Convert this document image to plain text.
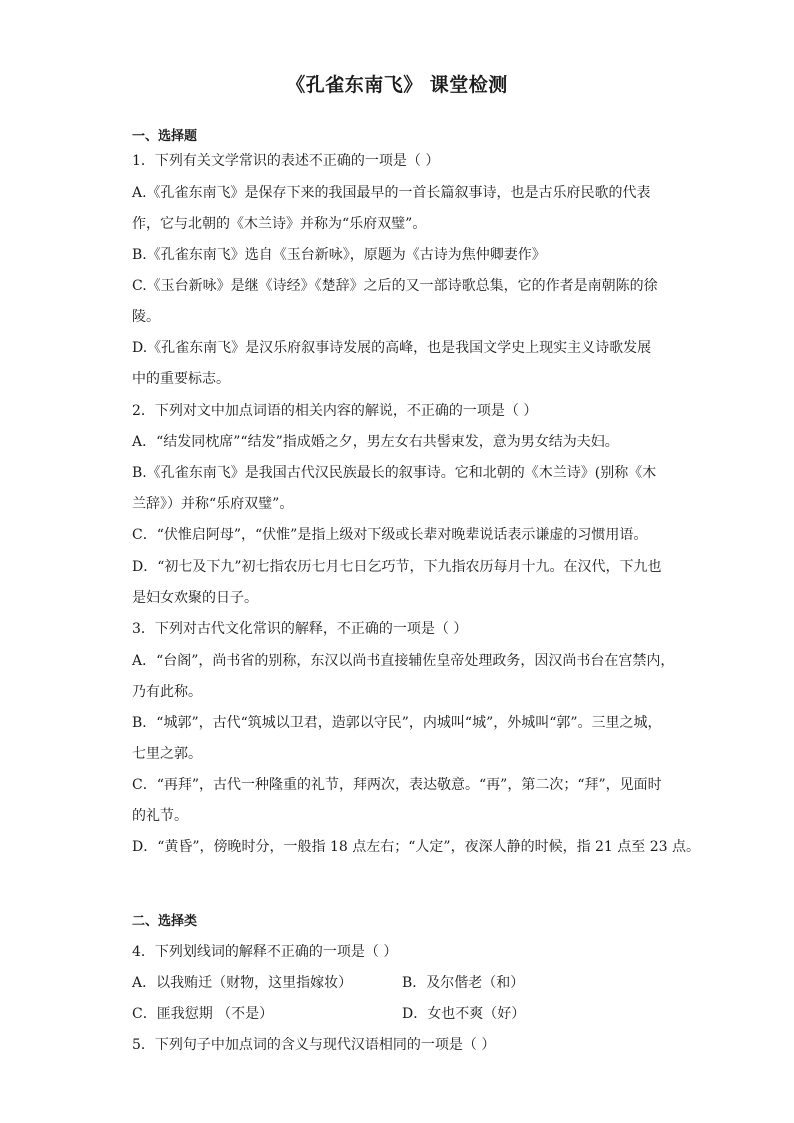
《孔雀东南飞》 课堂检测
一、选择题
1．下列有关文学常识的表述不正确的一项是（ ）
A.《孔雀东南飞》是保存下来的我国最早的一首长篇叙事诗，也是古乐府民歌的代表
作，它与北朝的《木兰诗》并称为“乐府双璧”。
B.《孔雀东南飞》选自《玉台新咏》，原题为《古诗为焦仲卿妻作》
C.《玉台新咏》是继《诗经》《楚辞》之后的又一部诗歌总集，它的作者是南朝陈的徐
陵。
D.《孔雀东南飞》是汉乐府叙事诗发展的高峰，也是我国文学史上现实主义诗歌发展
中的重要标志。
2．下列对文中加点词语的相关内容的解说，不正确的一项是（ ）
A．“结发同枕席”“结发”指成婚之夕，男左女右共髻束发，意为男女结为夫妇。
B.《孔雀东南飞》是我国古代汉民族最长的叙事诗。它和北朝的《木兰诗》(别称《木
兰辞》）并称“乐府双璧”。
C．“伏惟启阿母”，“伏惟”是指上级对下级或长辈对晚辈说话表示谦虚的习惯用语。
D．“初七及下九”初七指农历七月七日乞巧节，下九指农历每月十九。在汉代，下九也
是妇女欢聚的日子。
3．下列对古代文化常识的解释，不正确的一项是（ ）
A．“台阁”，尚书省的别称，东汉以尚书直接辅佐皇帝处理政务，因汉尚书台在宫禁内，
乃有此称。
B．“城郭”，古代“筑城以卫君，造郭以守民”，内城叫“城”，外城叫“郭”。三里之城，
七里之郭。
C．“再拜”，古代一种隆重的礼节，拜两次，表达敬意。“再”，第二次；“拜”，见面时
的礼节。
D．“黄昏”，傍晚时分，一般指 18 点左右；“人定”，夜深人静的时候，指 21 点至 23 点。
二、选择类
4．下列划线词的解释不正确的一项是（ ）
A．以我贿迁（财物，这里指嫁妆）	B．及尔偕老（和）
C．匪我愆期 （不是）	D．女也不爽（好）
5．下列句子中加点词的含义与现代汉语相同的一项是（ ）
